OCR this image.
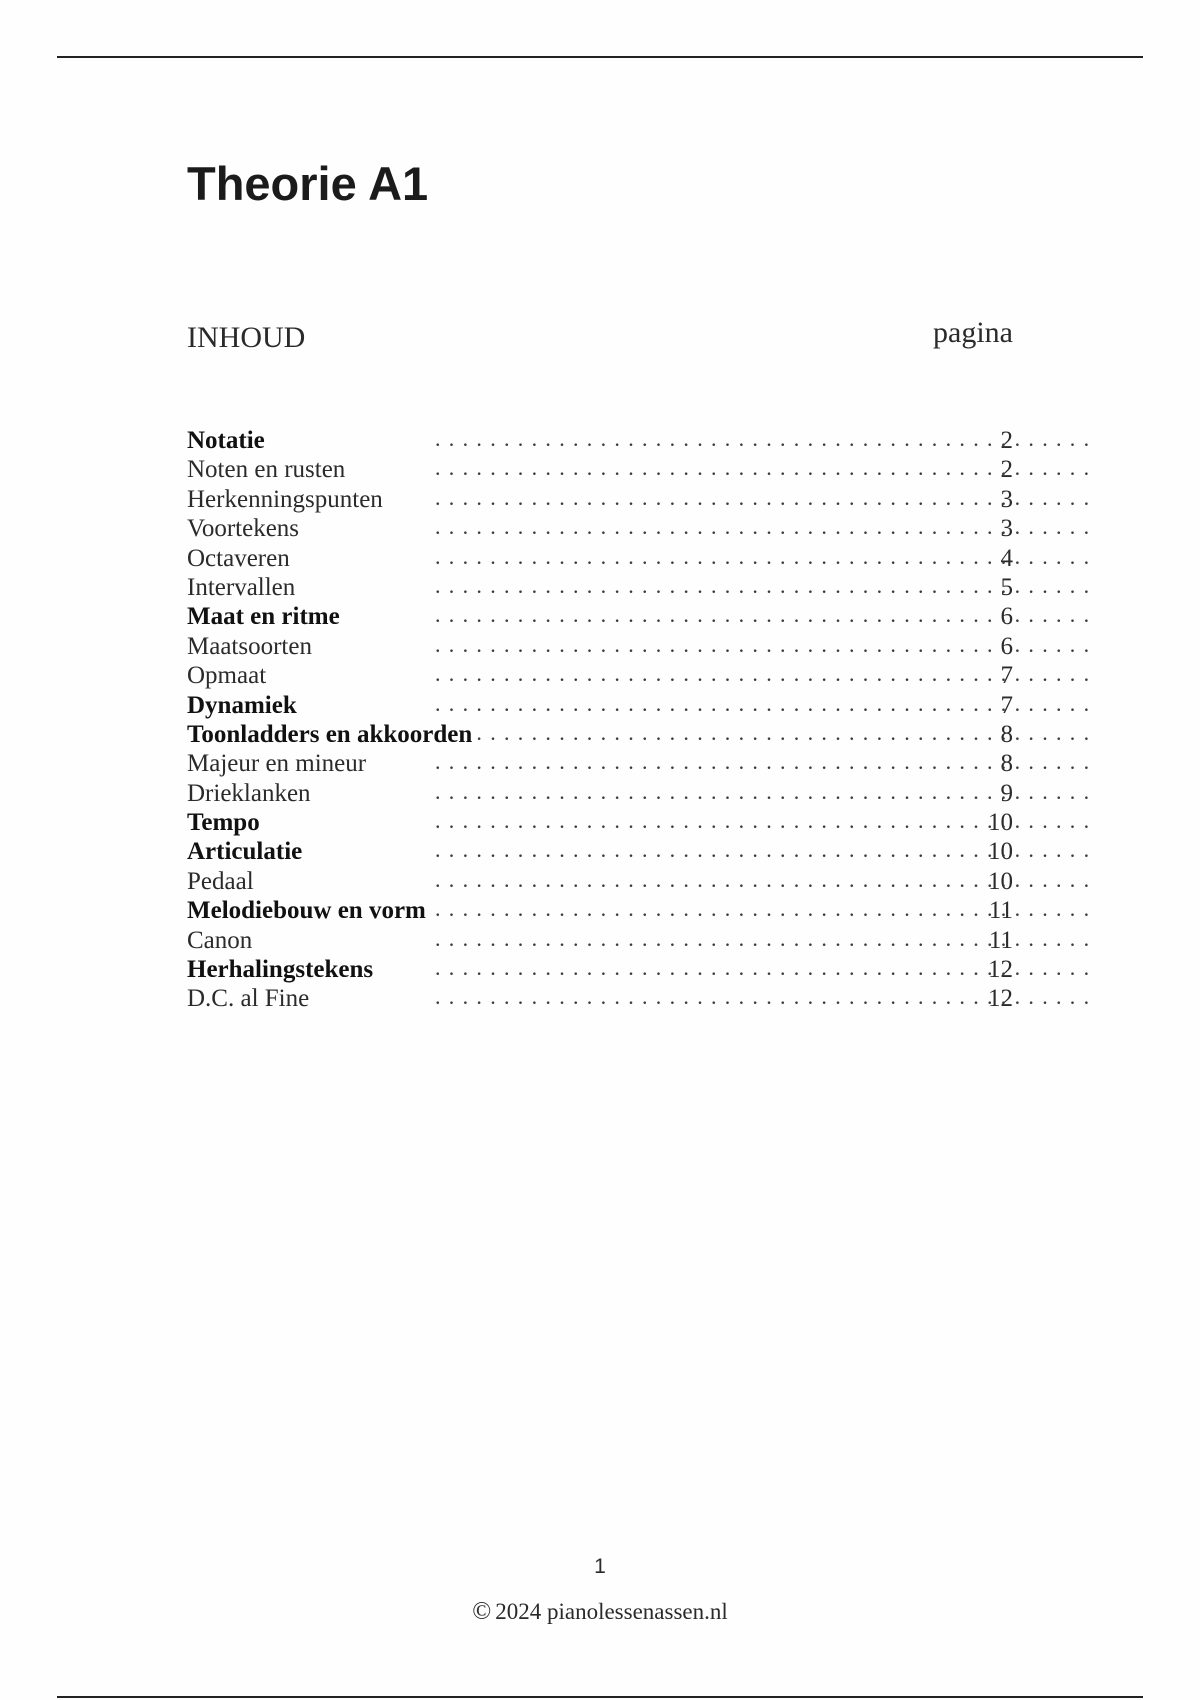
Theorie A1
INHOUD	pagina
Notatie . . .	2
Noten en rusten . . .	2
Herkenningspunten . . .	3
Voortekens . . .	3
Octaveren . . .	4
Intervallen . . .	5
Maat en ritme . . .	6
Maatsoorten . . .	6
Opmaat . . .	7
Dynamiek . . .	7
Toonladders en akkoorden . . .	8
Majeur en mineur . . .	8
Drieklanken . . .	9
Tempo . . .	10
Articulatie . . .	10
Pedaal . . .	10
Melodiebouw en vorm . . .	11
Canon . . .	11
Herhalingstekens . . .	12
D.C. al Fine . . .	12
1
© 2024 pianolessenassen.nl
